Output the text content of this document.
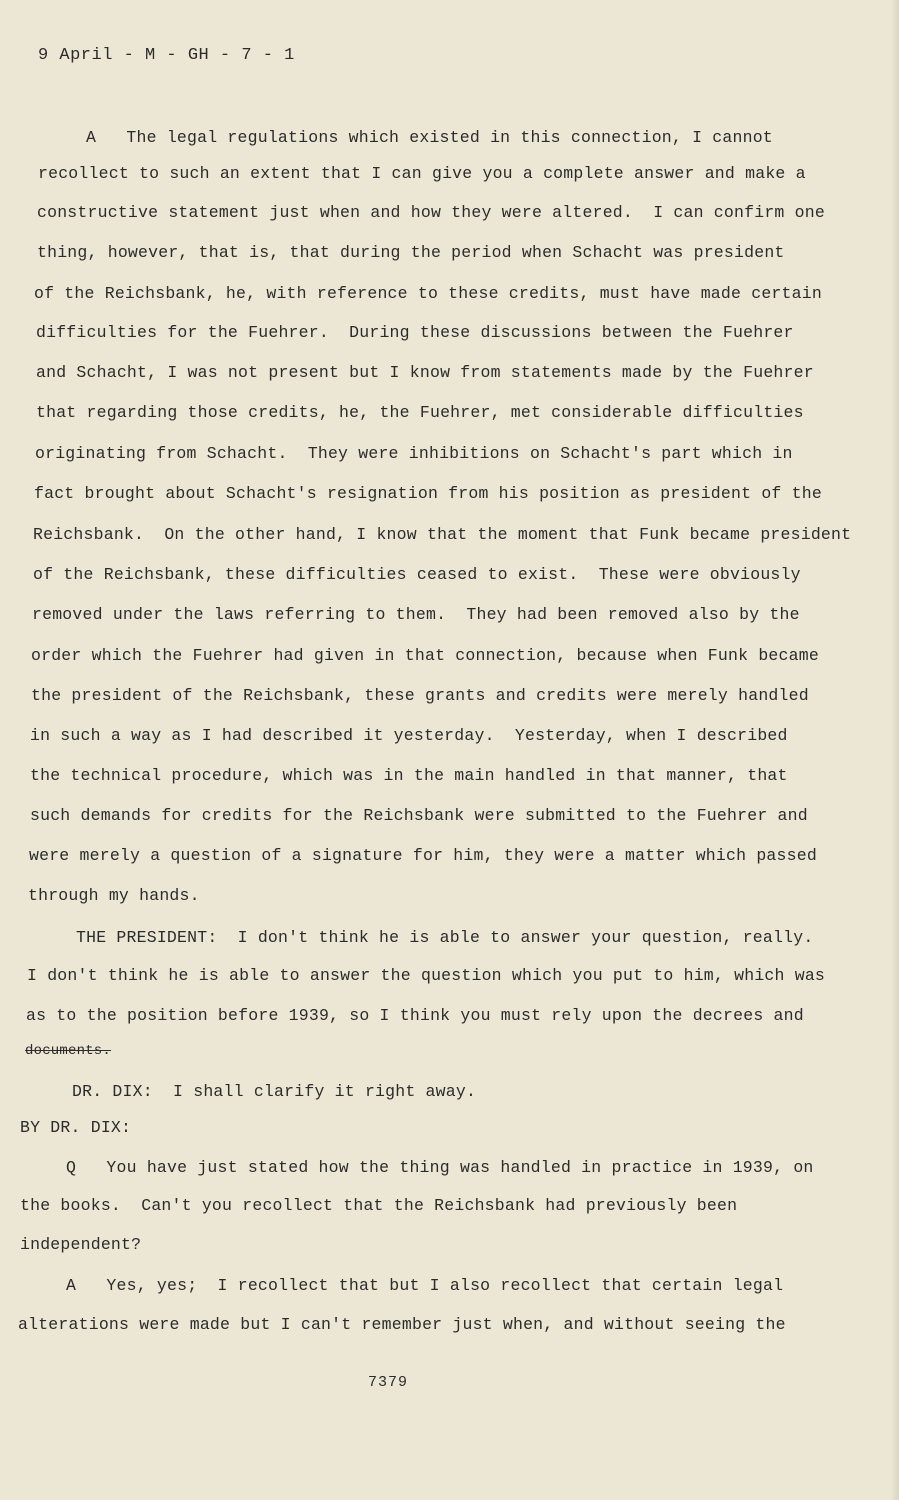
9 April - M - GH - 7 - 1
A   The legal regulations which existed in this connection, I cannot
recollect to such an extent that I can give you a complete answer and make a
constructive statement just when and how they were altered.  I can confirm one
thing, however, that is, that during the period when Schacht was president
of the Reichsbank, he, with reference to these credits, must have made certain
difficulties for the Fuehrer.  During these discussions between the Fuehrer
and Schacht, I was not present but I know from statements made by the Fuehrer
that regarding those credits, he, the Fuehrer, met considerable difficulties
originating from Schacht.  They were inhibitions on Schacht's part which in
fact brought about Schacht's resignation from his position as president of the
Reichsbank.  On the other hand, I know that the moment that Funk became president
of the Reichsbank, these difficulties ceased to exist.  These were obviously
removed under the laws referring to them.  They had been removed also by the
order which the Fuehrer had given in that connection, because when Funk became
the president of the Reichsbank, these grants and credits were merely handled
in such a way as I had described it yesterday.  Yesterday, when I described
the technical procedure, which was in the main handled in that manner, that
such demands for credits for the Reichsbank were submitted to the Fuehrer and
were merely a question of a signature for him, they were a matter which passed
through my hands.
THE PRESIDENT:  I don't think he is able to answer your question, really.
I don't think he is able to answer the question which you put to him, which was
as to the position before 1939, so I think you must rely upon the decrees and
documents.
DR. DIX:  I shall clarify it right away.
BY DR. DIX:
Q   You have just stated how the thing was handled in practice in 1939, on
the books.  Can't you recollect that the Reichsbank had previously been
independent?
A   Yes, yes;  I recollect that but I also recollect that certain legal
alterations were made but I can't remember just when, and without seeing the
7379
